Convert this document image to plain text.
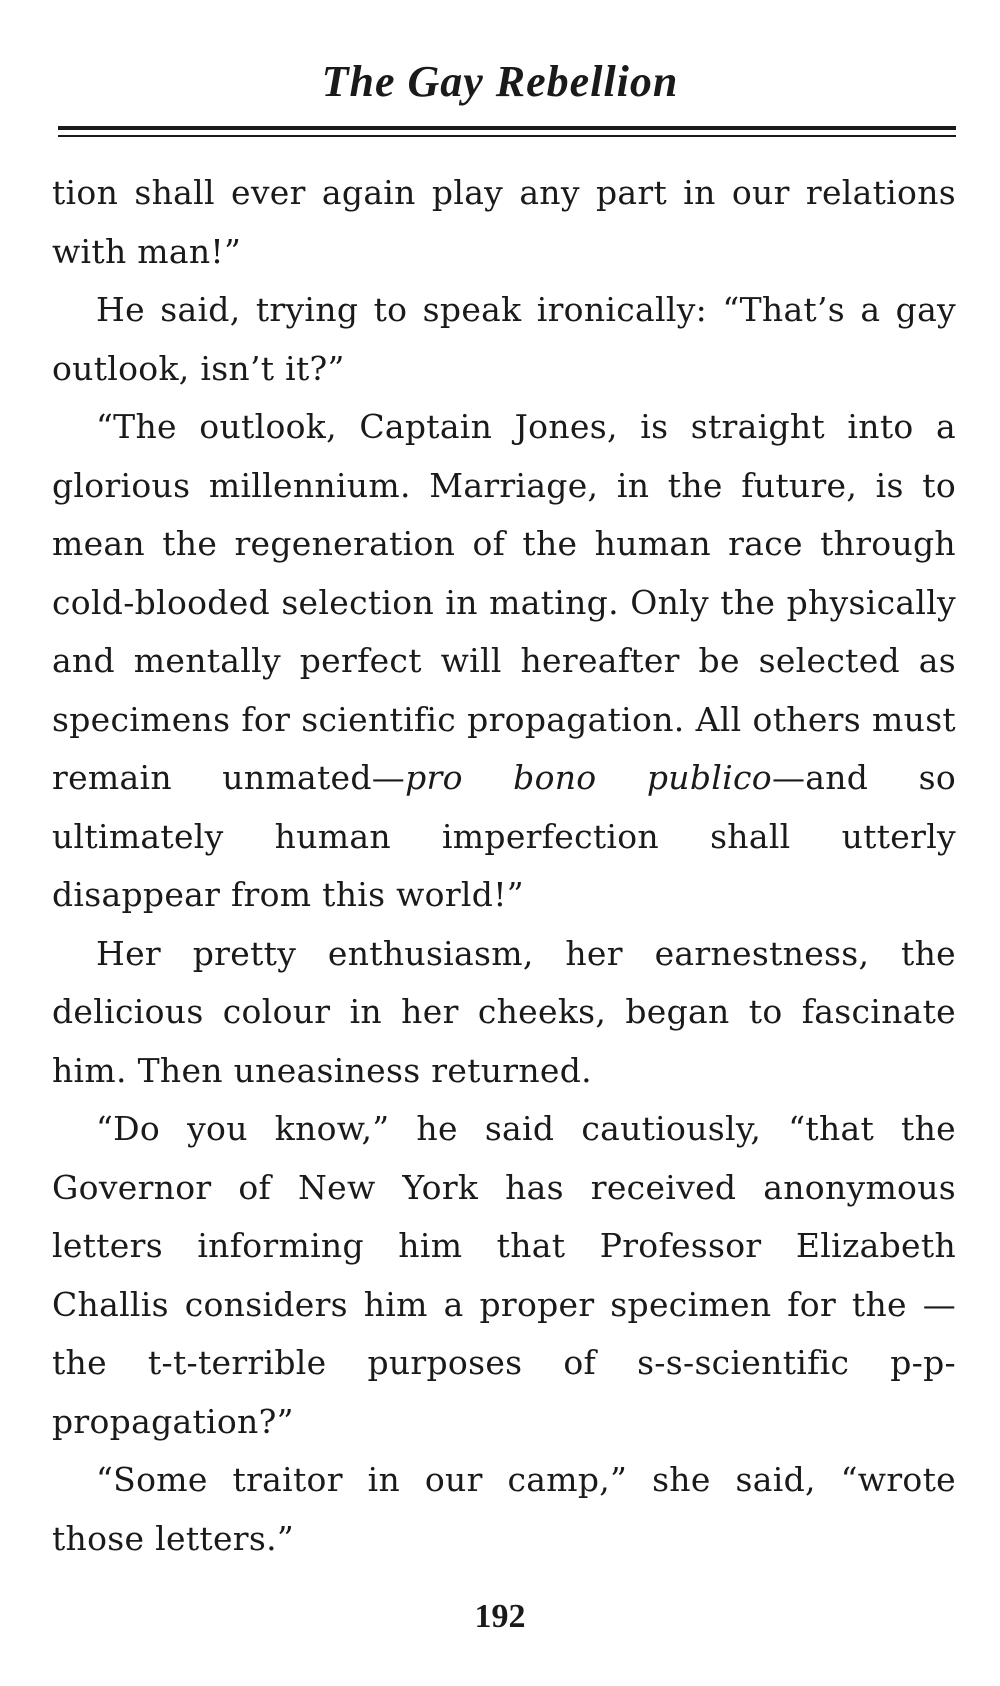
The Gay Rebellion

tion shall ever again play any part in our relations with man!”

He said, trying to speak ironically: “That’s a gay outlook, isn’t it?”

“The outlook, Captain Jones, is straight into a glorious millennium. Marriage, in the future, is to mean the regeneration of the human race through cold-blooded selection in mating. Only the physically and mentally perfect will hereafter be selected as specimens for scientific propagation. All others must remain unmated—pro bono publico—and so ultimately human imperfection shall utterly disappear from this world!”

Her pretty enthusiasm, her earnestness, the delicious colour in her cheeks, began to fascinate him. Then uneasiness returned.

“Do you know,” he said cautiously, “that the Governor of New York has received anonymous letters informing him that Professor Elizabeth Challis considers him a proper specimen for the —the t-t-terrible purposes of s-s-scientific p-p-propagation?”

“Some traitor in our camp,” she said, “wrote those letters.”

192
